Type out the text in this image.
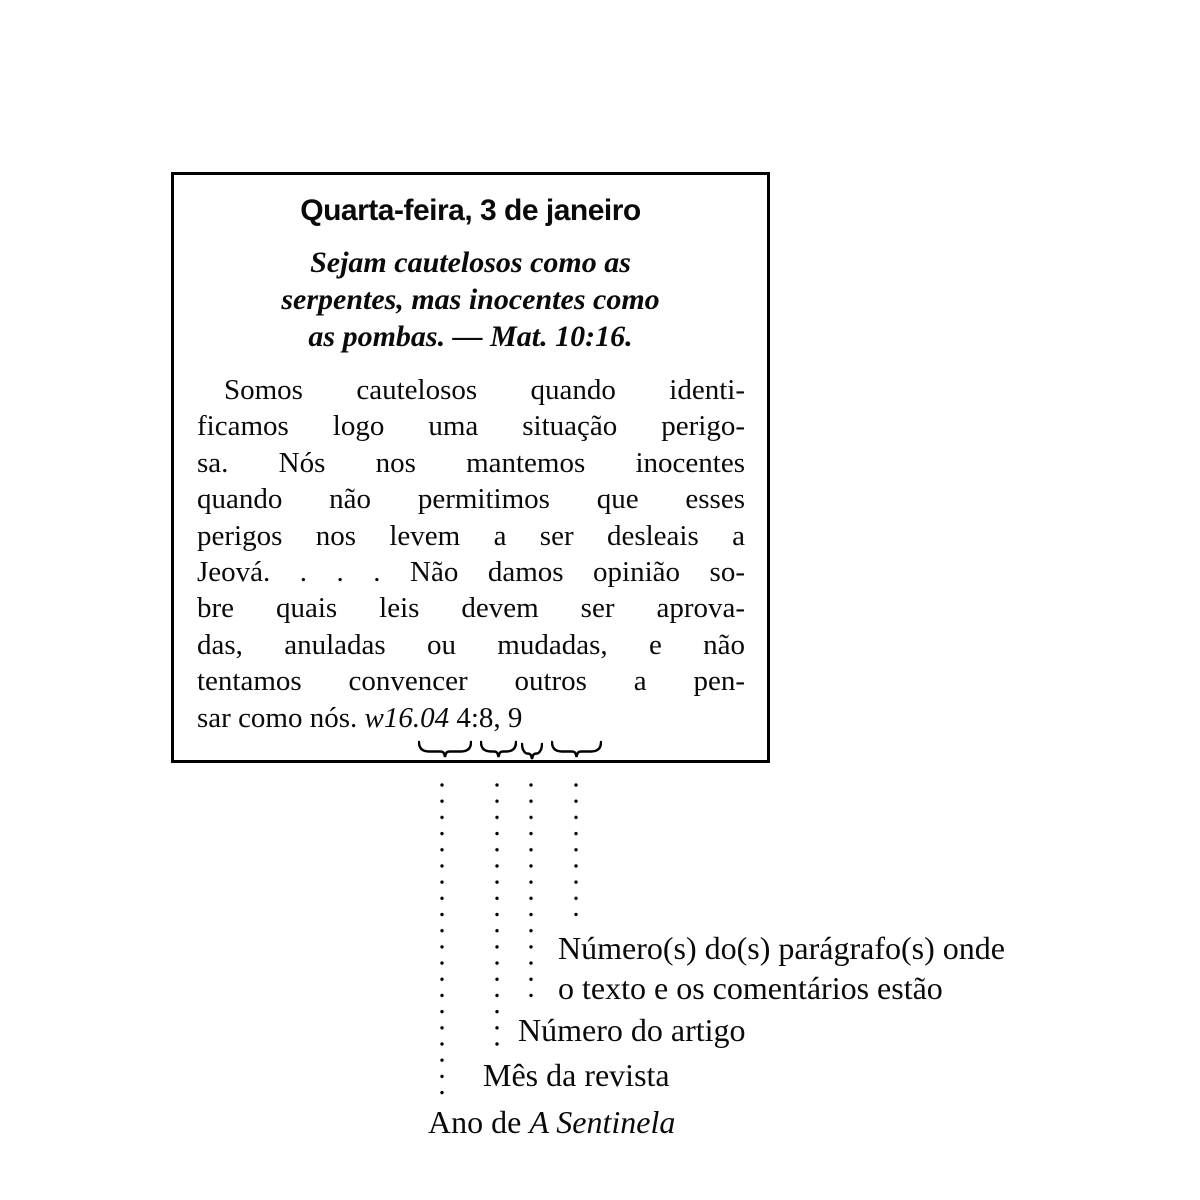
Quarta-feira, 3 de janeiro
Sejam cautelosos como as
serpentes, mas inocentes como
as pombas. — Mat. 10:16.
Somos cautelosos quando identi-
ficamos logo uma situação perigo-
sa. Nós nos mantemos inocentes
quando não permitimos que esses
perigos nos levem a ser desleais a
Jeová. . . . Não damos opinião so-
bre quais leis devem ser aprova-
das, anuladas ou mudadas, e não
tentamos convencer outros a pen-
sar como nós. w16.04 4:8, 9
Número(s) do(s) parágrafo(s) onde
o texto e os comentários estão
Número do artigo
Mês da revista
Ano de A Sentinela
